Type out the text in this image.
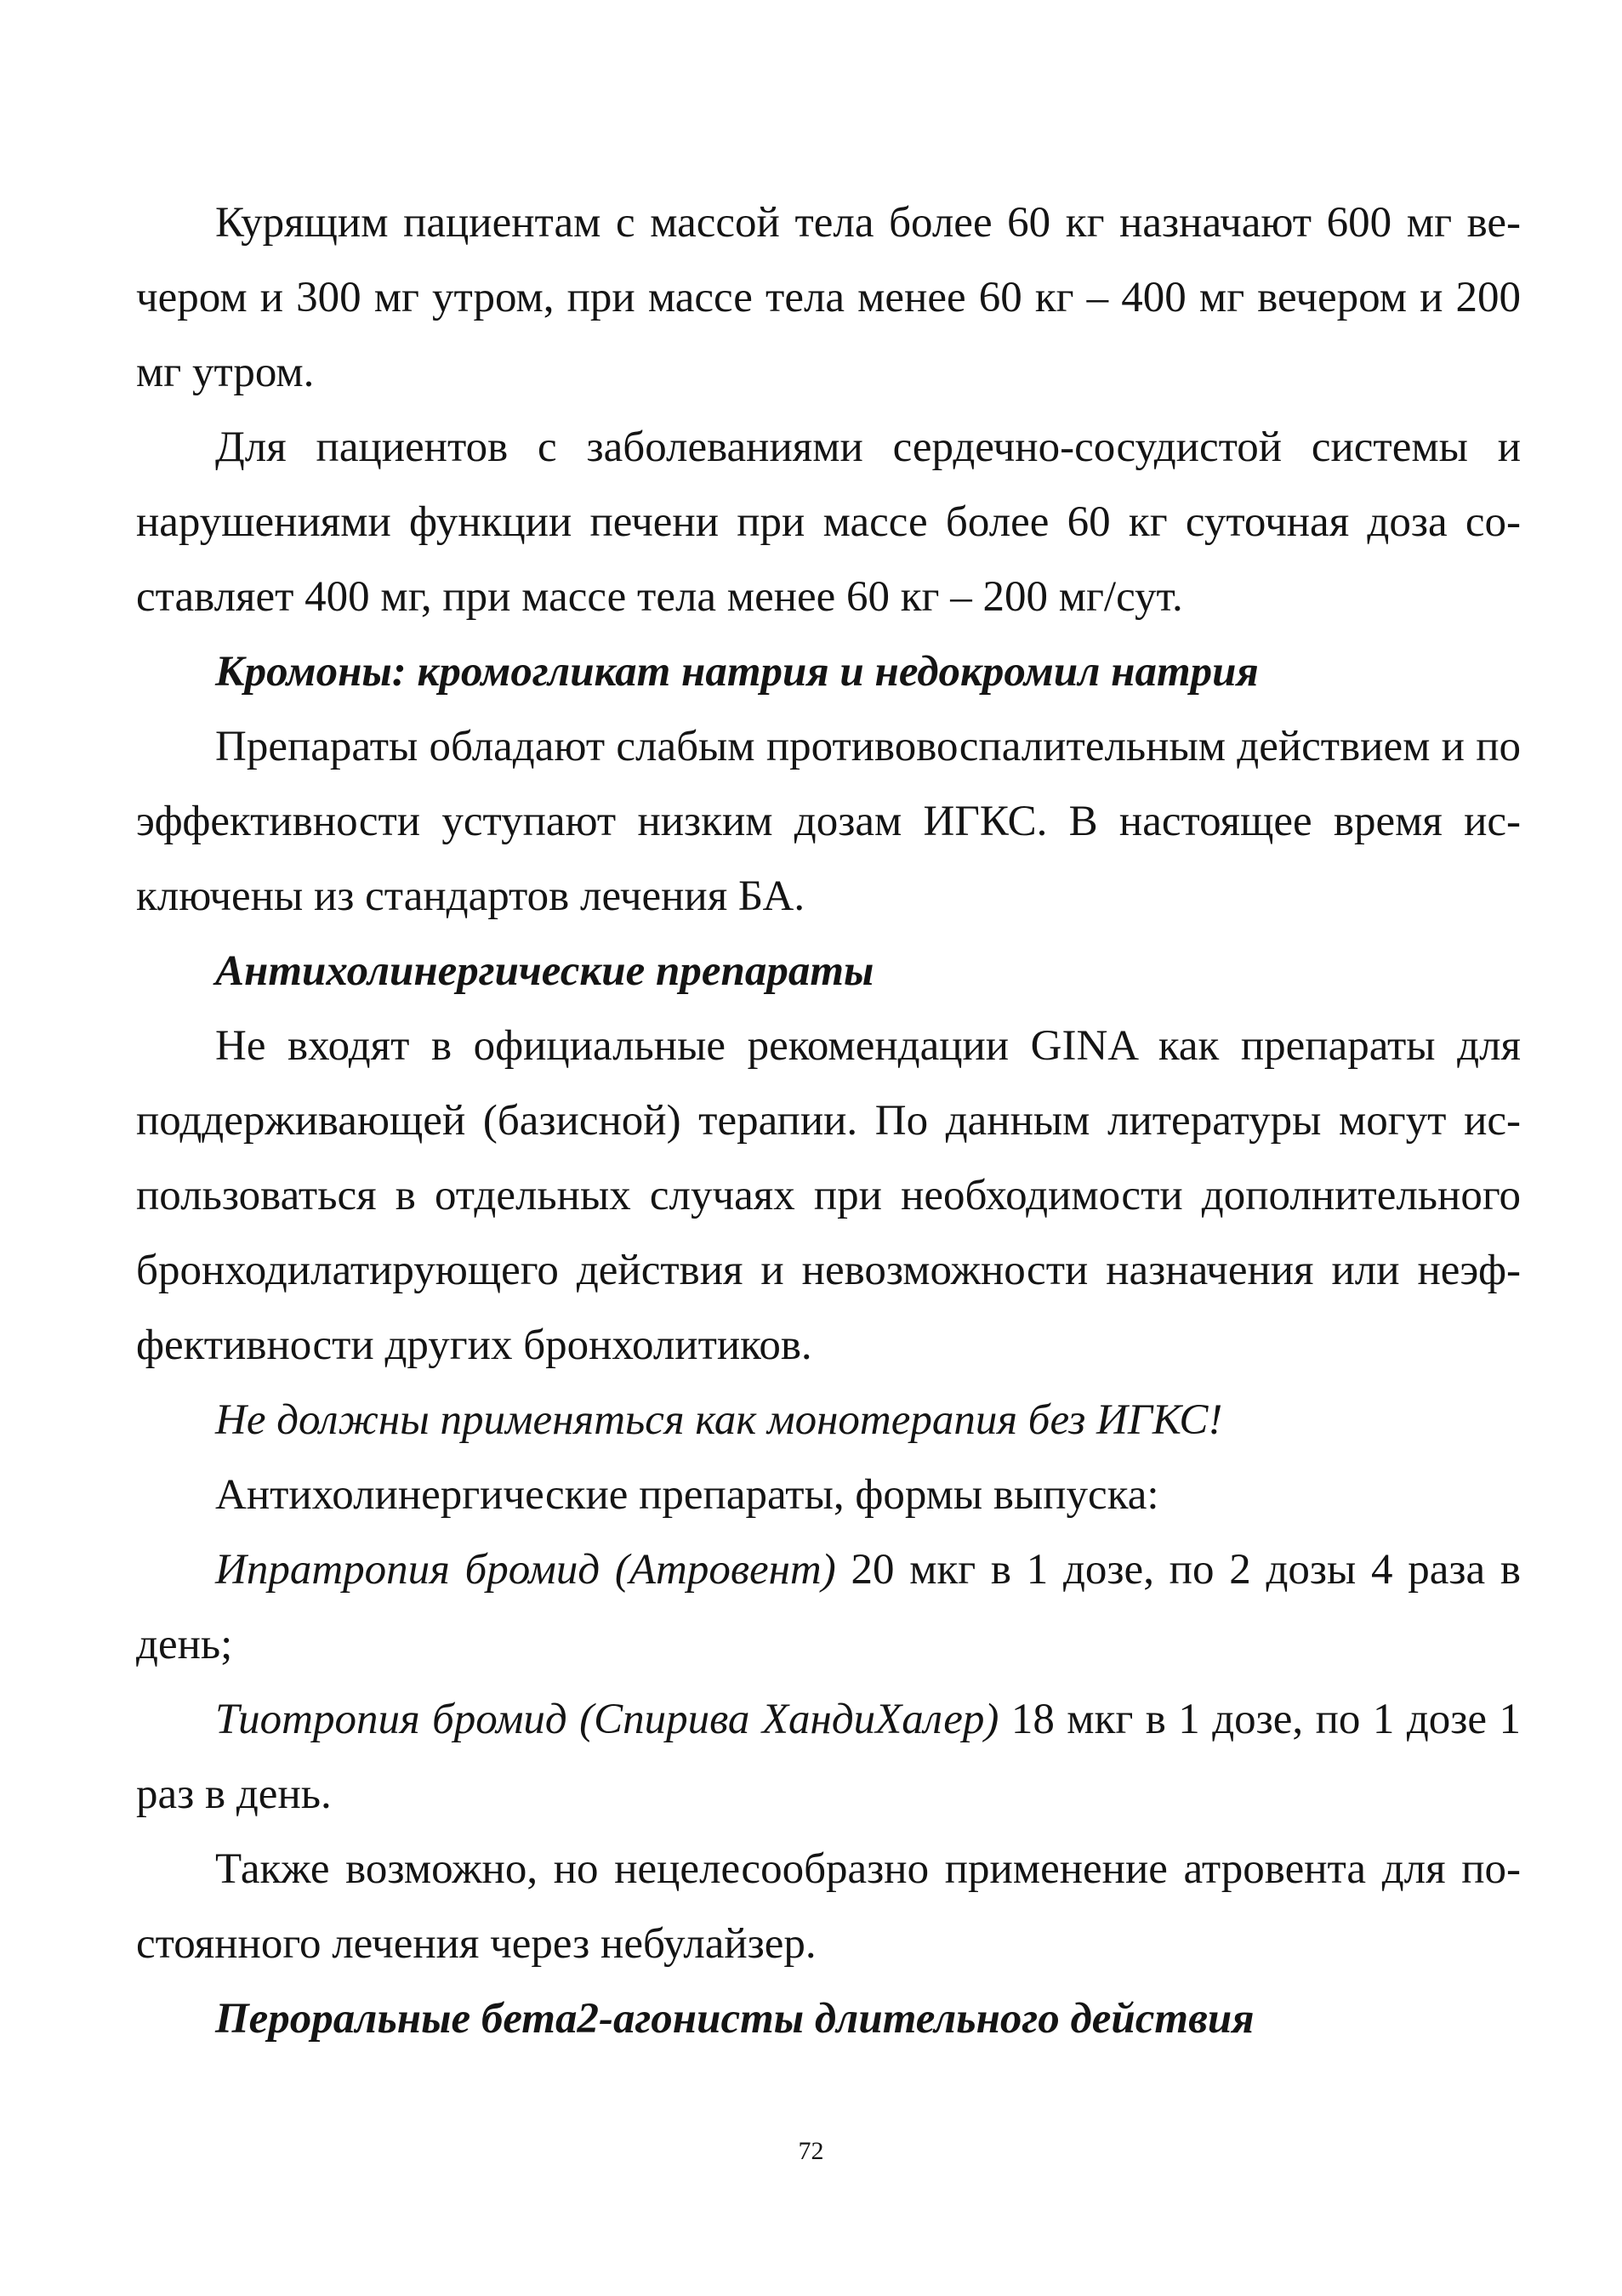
Курящим пациентам с массой тела более 60 кг назначают 600 мг ве-
чером и 300 мг утром, при массе тела менее 60 кг – 400 мг вечером и 200
мг утром.
Для пациентов с заболеваниями сердечно-сосудистой системы и
нарушениями функции печени при массе более 60 кг суточная доза со-
ставляет 400 мг, при массе тела менее 60 кг – 200 мг/сут.
Кромоны: кромогликат натрия и недокромил натрия
Препараты обладают слабым противовоспалительным действием и по
эффективности уступают низким дозам ИГКС. В настоящее время ис-
ключены из стандартов лечения БА.
Антихолинергические препараты
Не входят в официальные рекомендации GINA как препараты для
поддерживающей (базисной) терапии. По данным литературы могут ис-
пользоваться в отдельных случаях при необходимости дополнительного
бронходилатирующего действия и невозможности назначения или неэф-
фективности других бронхолитиков.
Не должны применяться как монотерапия без ИГКС!
Антихолинергические препараты, формы выпуска:
Ипратропия бромид (Атровент) 20 мкг в 1 дозе, по 2 дозы 4 раза в
день;
Тиотропия бромид (Спирива ХандиХалер) 18 мкг в 1 дозе, по 1 дозе 1
раз в день.
Также возможно, но нецелесообразно применение атровента для по-
стоянного лечения через небулайзер.
Пероральные бета2-агонисты длительного действия
72
